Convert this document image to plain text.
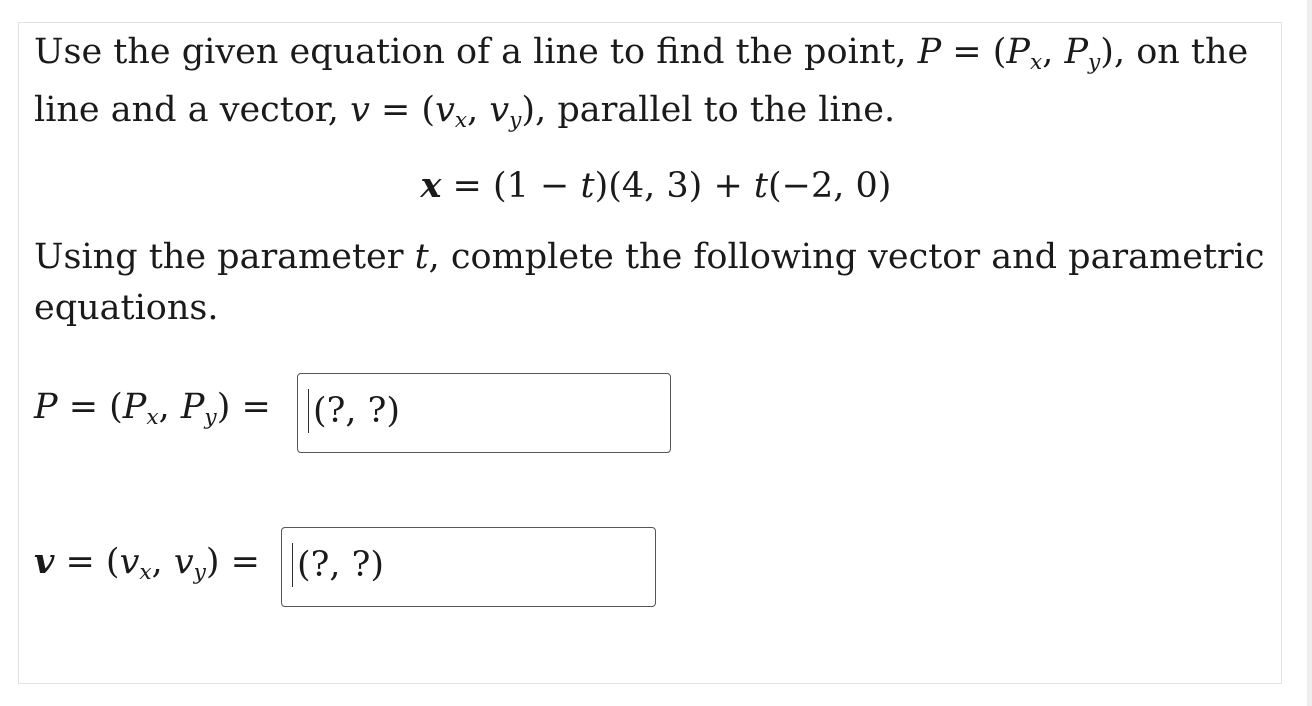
Use the given equation of a line to find the point, $P = (P_x$, $P_y$), on the

line and a vector, $v = (v_x$, $v_y$), parallel to the line.

x = (1 − t)(4, 3) + t(−2, 0)

Using the parameter t, complete the following vector and parametric

equations.

$P = (P_x$, $P_y$) = (?, ?)
$v = (v_x$, $v_y$) = (?, ?)
